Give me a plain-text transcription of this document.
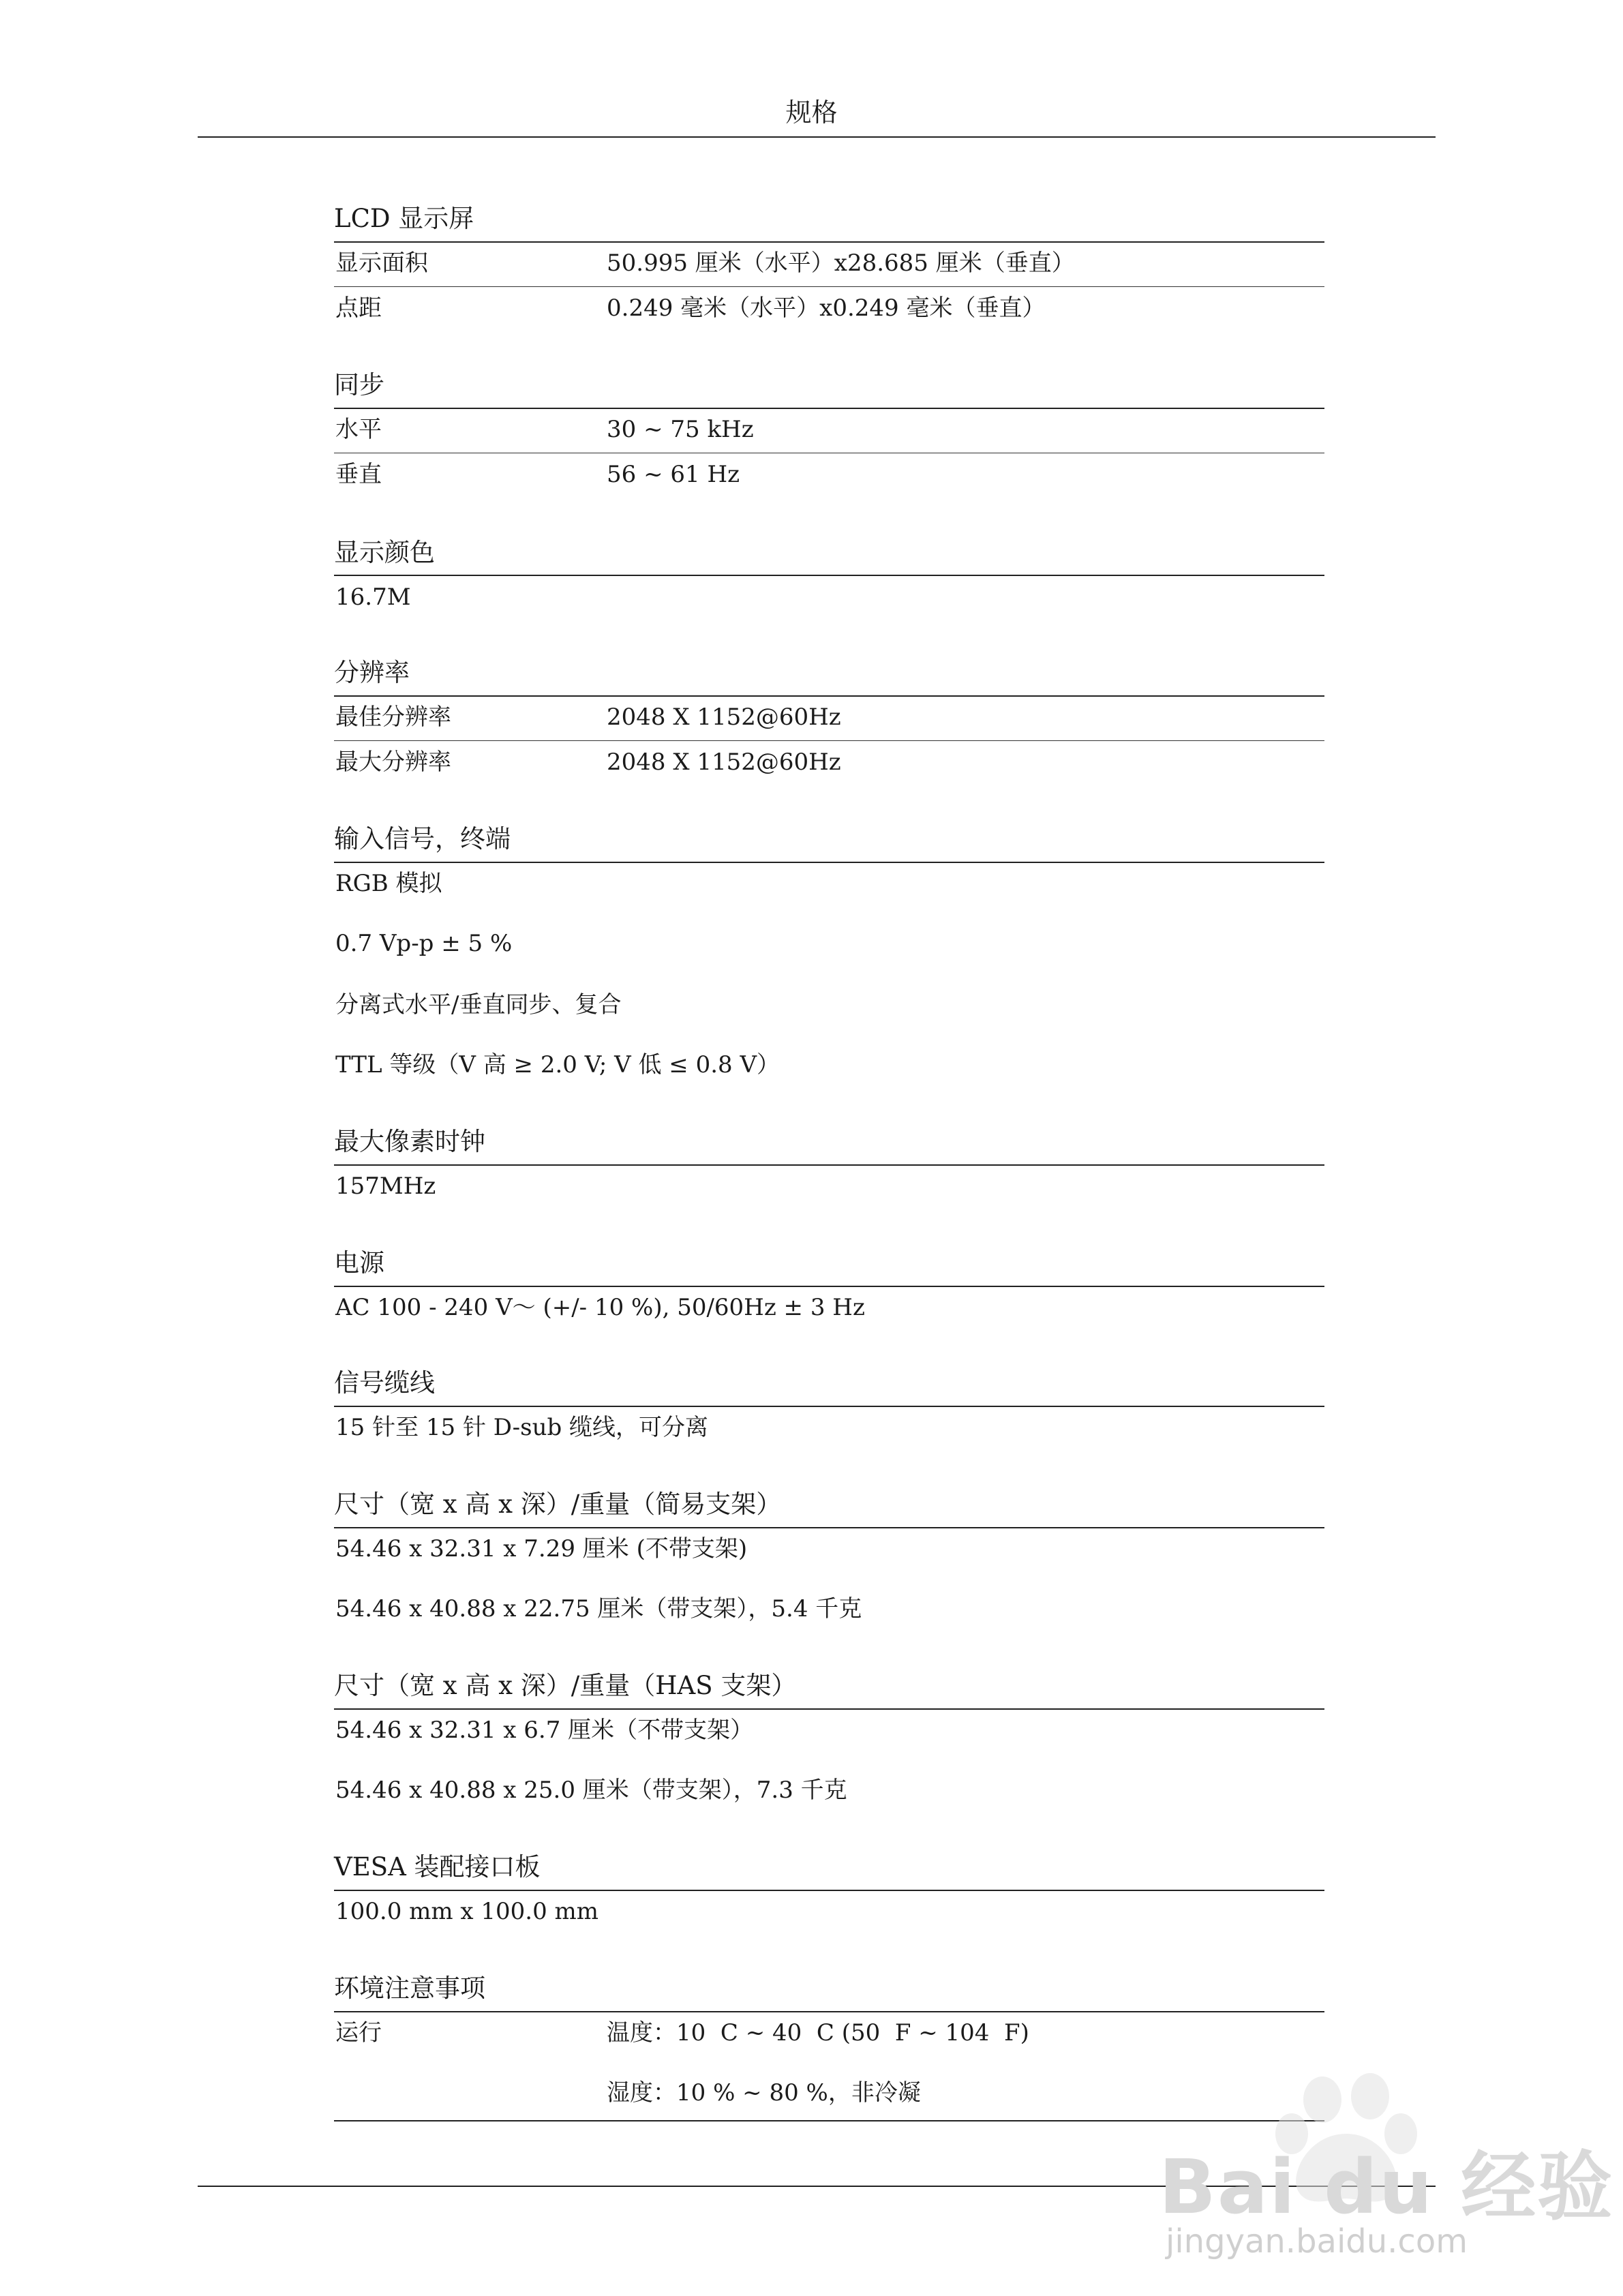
规格
LCD 显示屏
显示面积	50.995 厘米（水平）x28.685 厘米（垂直）
点距	0.249 毫米（水平）x0.249 毫米（垂直）
同步
水平	30 ~ 75 kHz
垂直	56 ~ 61 Hz
显示颜色
16.7M
分辨率
最佳分辨率	2048 X 1152@60Hz
最大分辨率	2048 X 1152@60Hz
输入信号，终端
RGB 模拟
0.7 Vp-p ± 5 %
分离式水平/垂直同步、复合
TTL 等级（V 高 ≥ 2.0 V; V 低 ≤ 0.8 V）
最大像素时钟
157MHz
电源
AC 100 - 240 V～ (+/- 10 %), 50/60Hz ± 3 Hz
信号缆线
15 针至 15 针 D-sub 缆线，可分离
尺寸（宽 x 高 x 深）/重量（简易支架）
54.46 x 32.31 x 7.29 厘米 (不带支架)
54.46 x 40.88 x 22.75 厘米（带支架），5.4 千克
尺寸（宽 x 高 x 深）/重量（HAS 支架）
54.46 x 32.31 x 6.7 厘米（不带支架）
54.46 x 40.88 x 25.0 厘米（带支架），7.3 千克
VESA 装配接口板
100.0 mm x 100.0 mm
环境注意事项
运行	温度：10  C ~ 40  C (50  F ~ 104  F)
湿度：10 % ~ 80 %，非冷凝
Bai du 经验
jingyan.baidu.com
